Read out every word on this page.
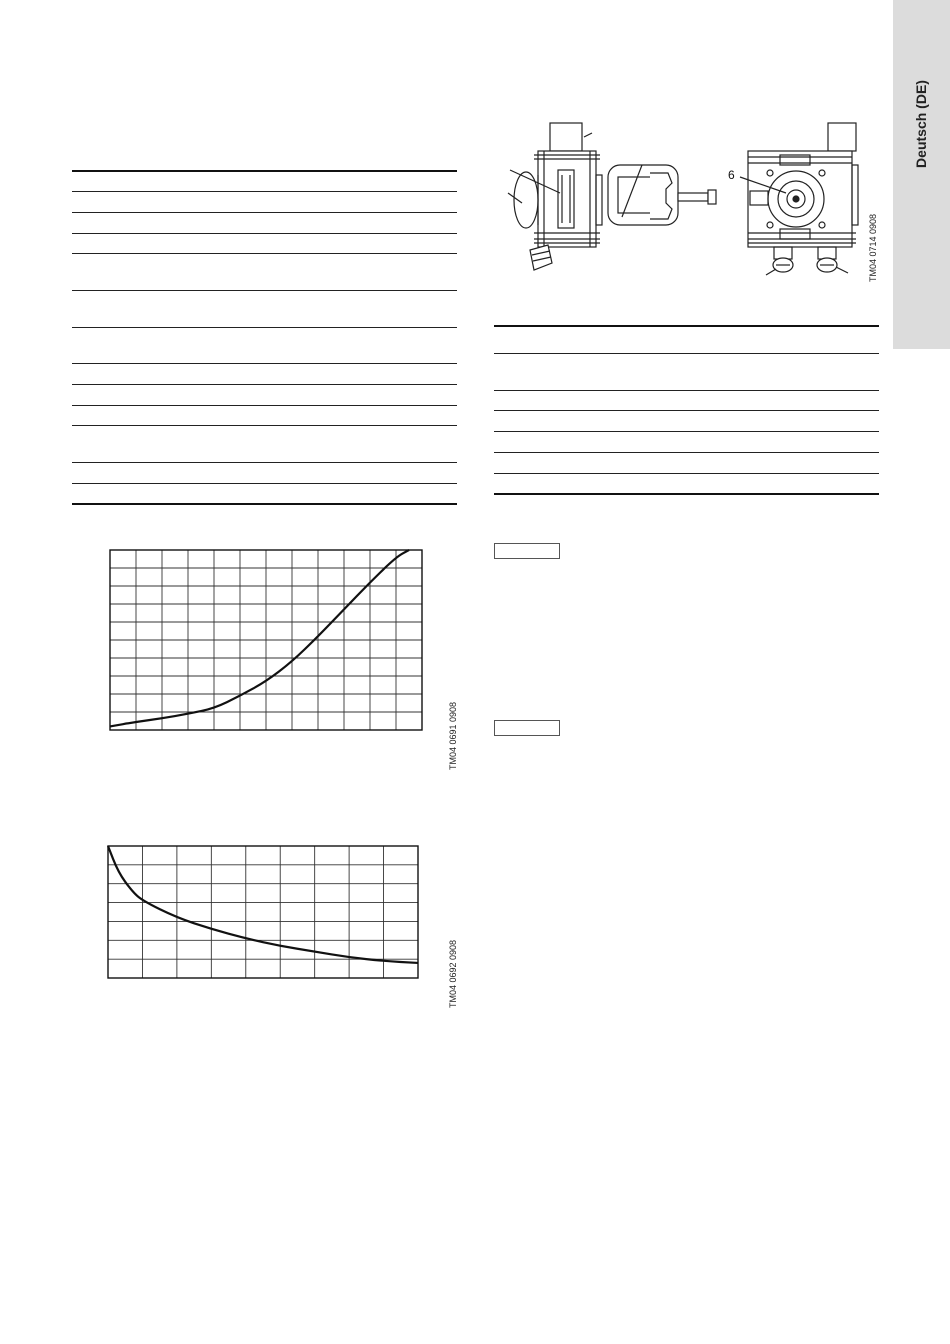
Deutsch (DE)
6
TM04 0714 0908
TM04 0691 0908
TM04 0692 0908
